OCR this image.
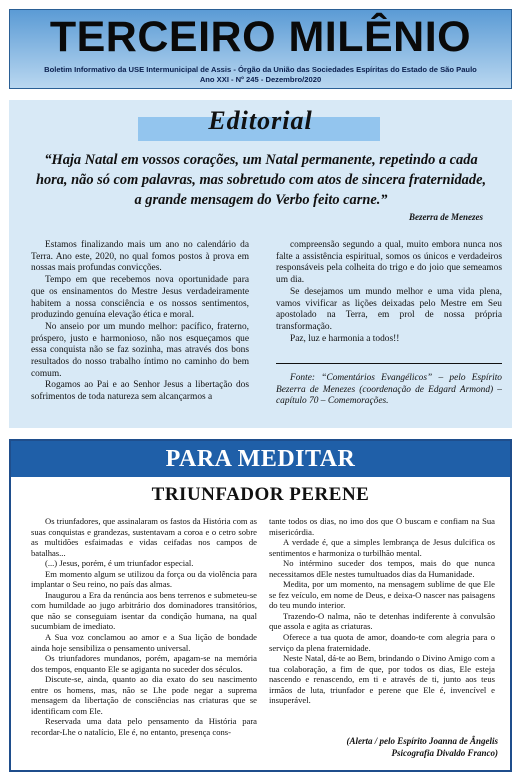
TERCEIRO MILÊNIO
Boletim Informativo da USE Intermunicipal de Assis - Órgão da União das Sociedades Espíritas do Estado de São Paulo
Ano XXI - Nº 245 - Dezembro/2020
Editorial

“Haja Natal em vossos corações, um Natal permanente, repetindo a cada hora, não só com palavras, mas sobretudo com atos de sincera fraternidade, a grande mensagem do Verbo feito carne.”

Bezerra de Menezes

Estamos finalizando mais um ano no calendário da Terra. Ano este, 2020, no qual fomos postos à prova em nossas mais profundas convicções.

Tempo em que recebemos nova oportunidade para que os ensinamentos do Mestre Jesus verdadeiramente habitem a nossa consciência e os nossos sentimentos, produzindo genuína elevação ética e moral.

No anseio por um mundo melhor: pacífico, fraterno, próspero, justo e harmonioso, não nos esqueçamos que essa conquista não se faz sozinha, mas através dos bons resultados do nosso trabalho íntimo no caminho do bem comum.

Rogamos ao Pai e ao Senhor Jesus a libertação dos sofrimentos de toda natureza sem alcançarmos a

compreensão segundo a qual, muito embora nunca nos falte a assistência espiritual, somos os únicos e verdadeiros responsáveis pela colheita do trigo e do joio que semeamos um dia.

Se desejamos um mundo melhor e uma vida plena, vamos vivificar as lições deixadas pelo Mestre em Seu apostolado na Terra, em prol de nossa própria transformação.

Paz, luz e harmonia a todos!!

Fonte: “Comentários Evangélicos” – pelo Espírito Bezerra de Menezes (coordenação de Edgard Armond) – capítulo 70 – Comemorações.

PARA MEDITAR
TRIUNFADOR PERENE

Os triunfadores, que assinalaram os fastos da História com as suas conquistas e grandezas, sustentavam a coroa e o cetro sobre as multidões esfaimadas e vidas ceifadas nos campos de batalhas...

(...) Jesus, porém, é um triunfador especial.

Em momento algum se utilizou da força ou da violência para implantar o Seu reino, no país das almas.

Inaugurou a Era da renúncia aos bens terrenos e submeteu-se com humildade ao jugo arbitrário dos dominadores transitórios, que não se conseguiam isentar da condição humana, na qual sucumbiam de imediato.

A Sua voz conclamou ao amor e a Sua lição de bondade ainda hoje sensibiliza o pensamento universal.

Os triunfadores mundanos, porém, apagam-se na memória dos tempos, enquanto Ele se agiganta no suceder dos séculos.

Discute-se, ainda, quanto ao dia exato do seu nascimento entre os homens, mas, não se Lhe pode negar a suprema mensagem da libertação de consciências nas criaturas que se identificam com Ele.

Reservada uma data pelo pensamento da História para recordar-Lhe o natalício, Ele é, no entanto, presença cons-

tante todos os dias, no imo dos que O buscam e confiam na Sua misericórdia.

A verdade é, que a simples lembrança de Jesus dulcifica os sentimentos e harmoniza o turbilhão mental.

No intérmino suceder dos tempos, mais do que nunca necessitamos dEle nestes tumultuados dias da Humanidade.

Medita, por um momento, na mensagem sublime de que Ele se fez veículo, em nome de Deus, e deixa-O nascer nas paisagens do teu mundo interior.

Trazendo-O nalma, não te detenhas indiferente à convulsão que assola e agita as criaturas.

Oferece a tua quota de amor, doando-te com alegria para o serviço da plena fraternidade.

Neste Natal, dá-te ao Bem, brindando o Divino Amigo com a tua colaboração, a fim de que, por todos os dias, Ele esteja nascendo e renascendo, em ti e através de ti, junto aos teus irmãos de luta, triunfador e perene que Ele é, invencível e insuperável.

(Alerta / pelo Espírito Joanna de Ângelis
Psicografia Divaldo Franco)
